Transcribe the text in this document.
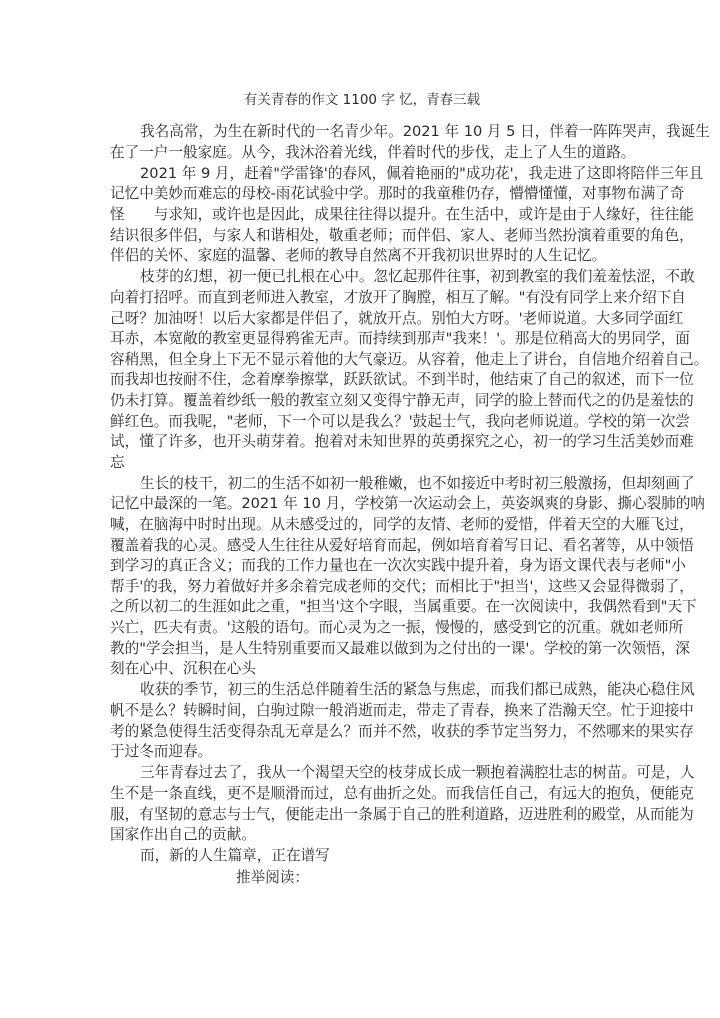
有关青春的作文 1100 字 忆，青春三载
我名高常，为生在新时代的一名青少年。2021 年 10 月 5 日，伴着一阵阵哭声，我诞生
在了一户一般家庭。从今，我沐浴着光线，伴着时代的步伐，走上了人生的道路。
2021 年 9 月，赶着"学雷锋'的春风，佩着艳丽的"成功花'，我走进了这即将陪伴三年且
记忆中美妙而难忘的母校-雨花试验中学。那时的我童稚仍存，懵懵懂懂，对事物布满了奇
怪　　与求知，或许也是因此，成果往往得以提升。在生活中，或许是由于人缘好，往往能
结识很多伴侣，与家人和谐相处，敬重老师；而伴侣、家人、老师当然扮演着重要的角色，
伴侣的关怀、家庭的温馨、老师的教导自然离不开我初识世界时的人生记忆。
枝芽的幻想，初一便已扎根在心中。忽忆起那件往事，初到教室的我们羞羞怯涩，不敢
向着打招呼。而直到老师进入教室，才放开了胸膛，相互了解。"有没有同学上来介绍下自
己呀？加油呀！以后大家都是伴侣了，就放开点。别怕大方呀。'老师说道。大多同学面红
耳赤，本宽敞的教室更显得鸦雀无声。而持续到那声"我来！'。那是位稍高大的男同学，面
容稍黑，但全身上下无不显示着他的大气豪迈。从容着，他走上了讲台，自信地介绍着自己。
而我却也按耐不住，念着摩拳擦掌，跃跃欲试。不到半时，他结束了自己的叙述，而下一位
仍未打算。覆盖着纱纸一般的教室立刻又变得宁静无声，同学的脸上替而代之的仍是羞怯的
鲜红色。而我呢，"老师，下一个可以是我么？'鼓起士气，我向老师说道。学校的第一次尝
试，懂了许多，也开头萌芽着。抱着对未知世界的英勇探究之心，初一的学习生活美妙而难
忘
生长的枝干，初二的生活不如初一般稚嫩，也不如接近中考时初三般激扬，但却刻画了
记忆中最深的一笔。2021 年 10 月，学校第一次运动会上，英姿飒爽的身影、撕心裂肺的呐
喊，在脑海中时时出现。从未感受过的，同学的友情、老师的爱惜，伴着天空的大雁飞过，
覆盖着我的心灵。感受人生往往从爱好培育而起，例如培育着写日记、看名著等，从中领悟
到学习的真正含义；而我的工作力量也在一次次实践中提升着，身为语文课代表与老师"小
帮手'的我，努力着做好并多余着完成老师的交代；而相比于"担当'，这些又会显得微弱了，
之所以初二的生涯如此之重，"担当'这个字眼，当属重要。在一次阅读中，我偶然看到"天下
兴亡，匹夫有责。'这般的语句。而心灵为之一振，慢慢的，感受到它的沉重。就如老师所
教的"学会担当，是人生特别重要而又最难以做到为之付出的一课'。学校的第一次领悟，深
刻在心中、沉积在心头
收获的季节，初三的生活总伴随着生活的紧急与焦虑，而我们都已成熟，能决心稳住风
帆不是么？转瞬时间，白驹过隙一般消逝而走，带走了青春，换来了浩瀚天空。忙于迎接中
考的紧急使得生活变得杂乱无章是么？而并不然，收获的季节定当努力，不然哪来的果实存
于过冬而迎春。
三年青春过去了，我从一个渴望天空的枝芽成长成一颗抱着满腔壮志的树苗。可是，人
生不是一条直线，更不是顺滑而过，总有曲折之处。而我信任自己，有远大的抱负，便能克
服，有坚韧的意志与士气，便能走出一条属于自己的胜利道路，迈进胜利的殿堂，从而能为
国家作出自己的贡献。
而，新的人生篇章，正在谱写
推举阅读：
